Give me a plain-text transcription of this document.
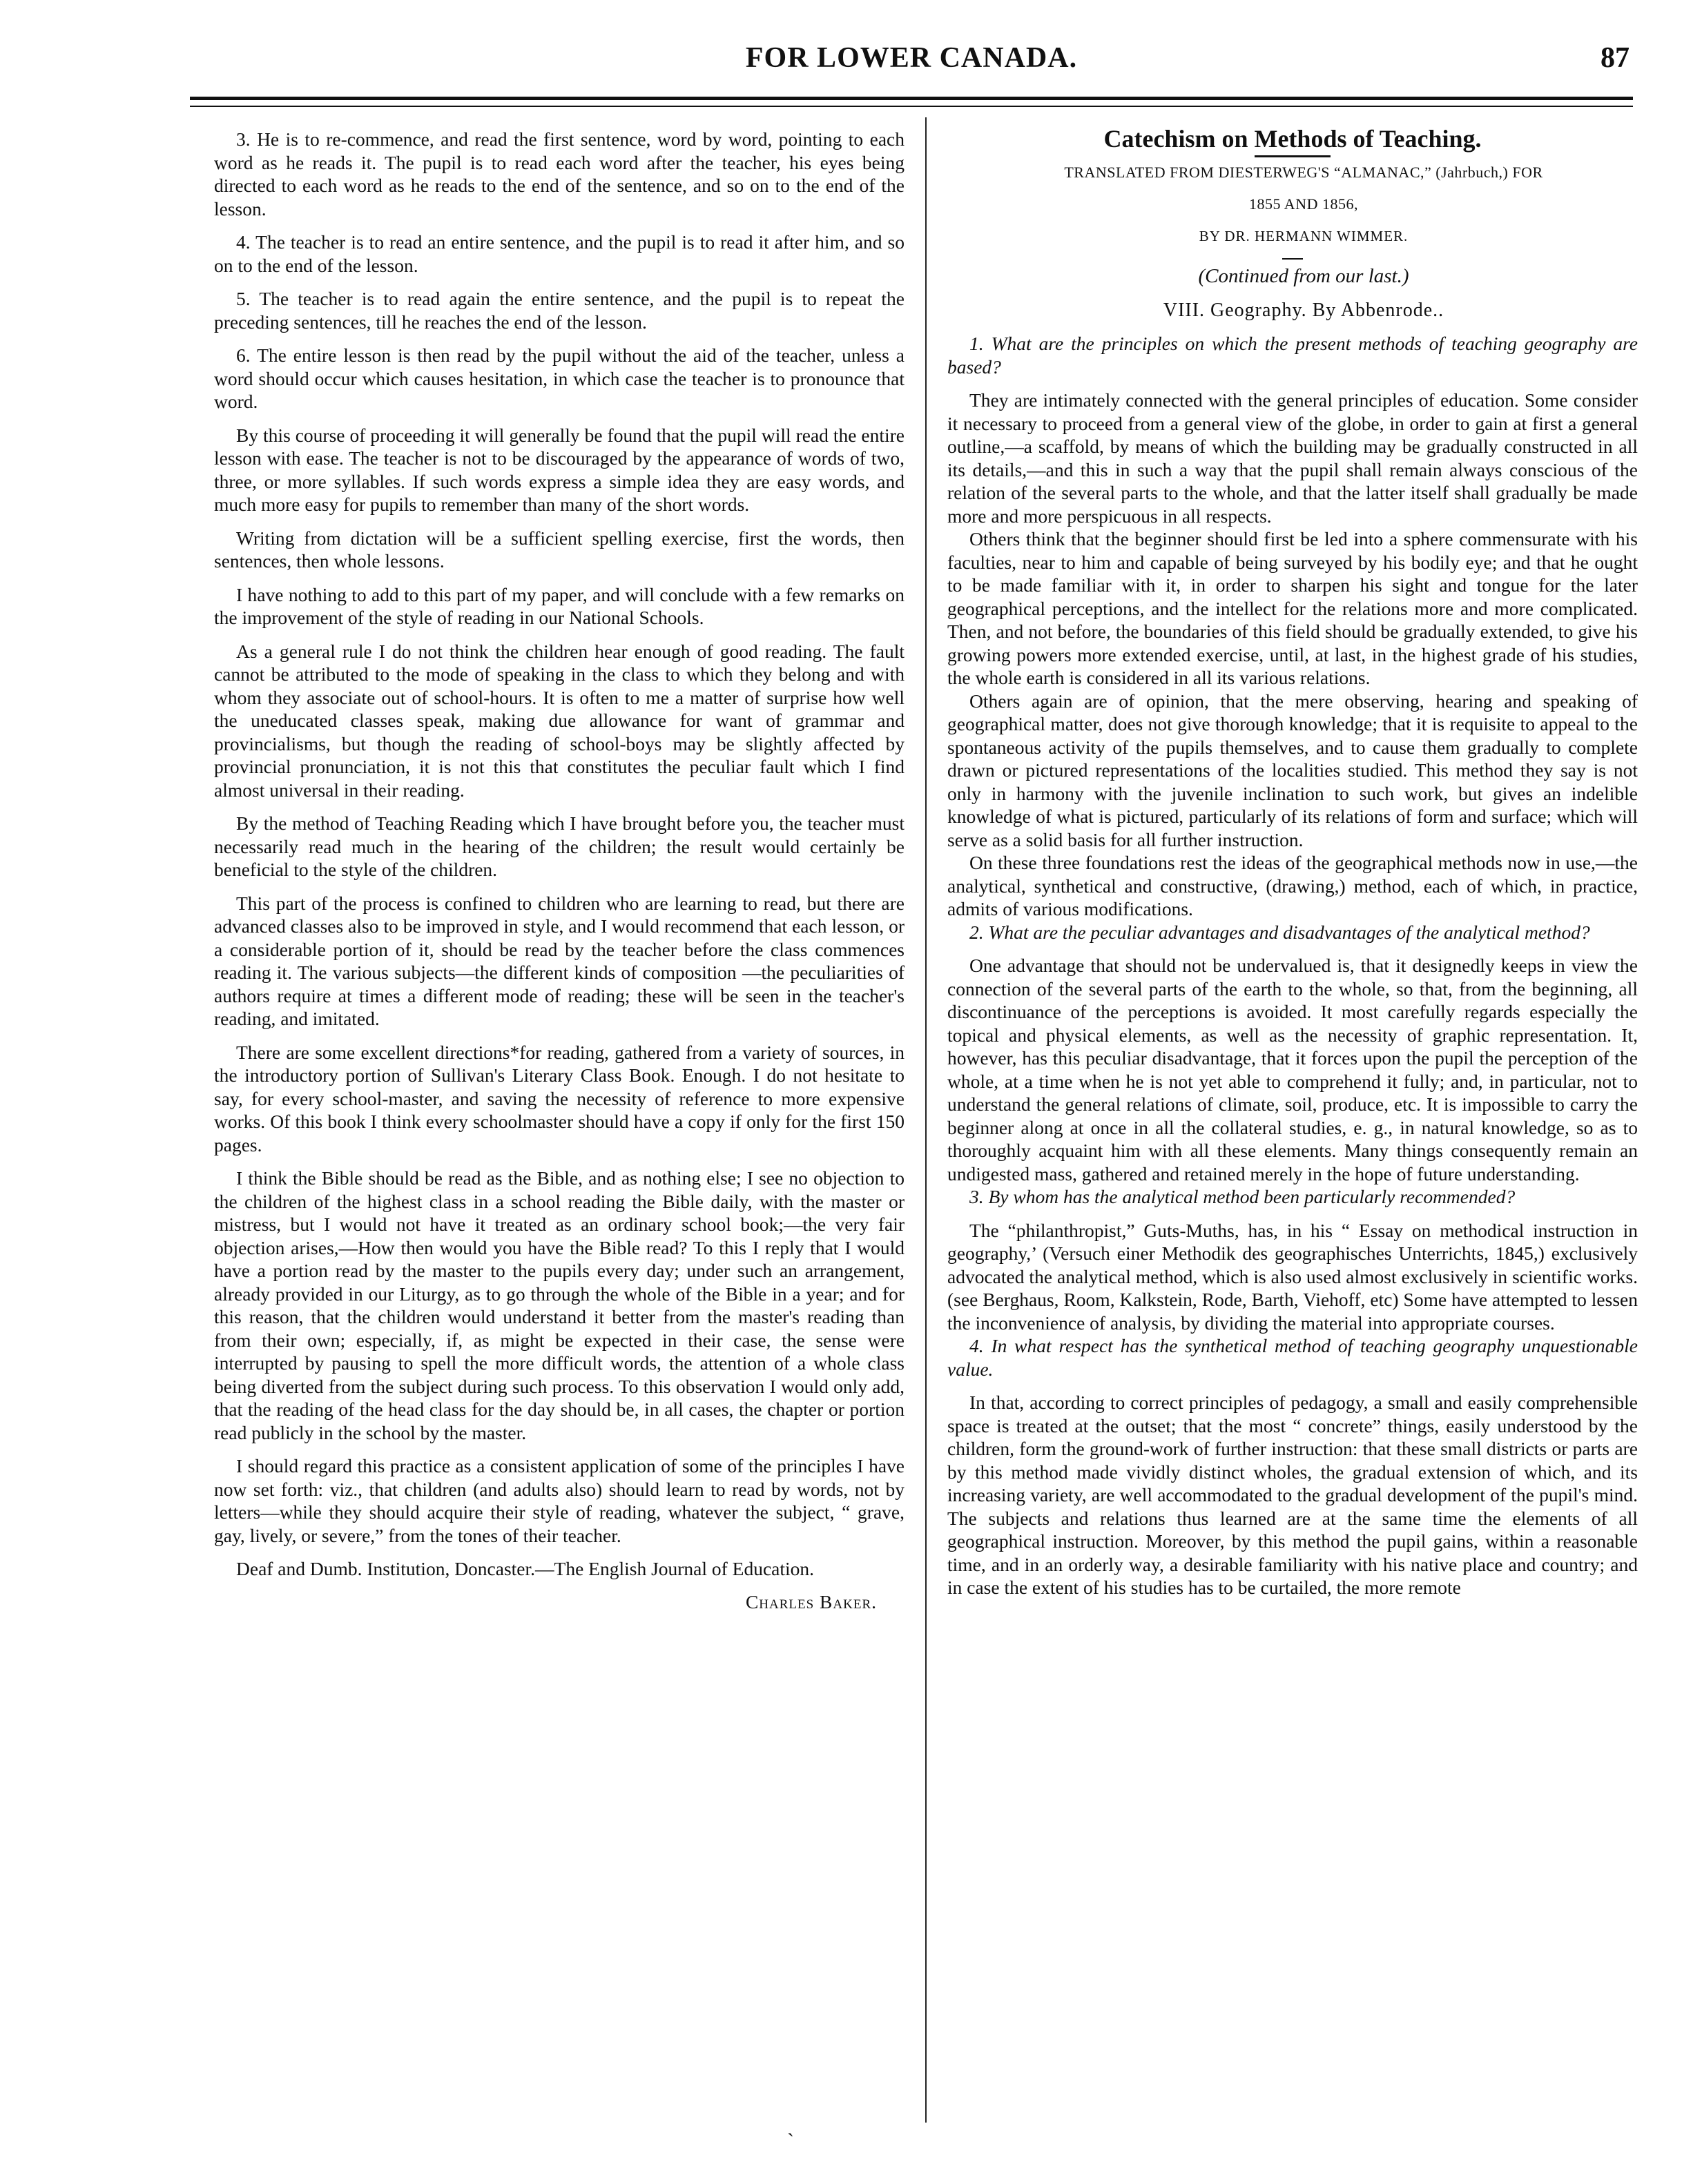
FOR LOWER CANADA.	87

3. He is to re-commence, and read the first sentence, word by word, pointing to each word as he reads it. The pupil is to read each word after the teacher, his eyes being directed to each word as he reads to the end of the sentence, and so on to the end of the lesson.

4. The teacher is to read an entire sentence, and the pupil is to read it after him, and so on to the end of the lesson.

5. The teacher is to read again the entire sentence, and the pupil is to repeat the preceding sentences, till he reaches the end of the lesson.

6. The entire lesson is then read by the pupil without the aid of the teacher, unless a word should occur which causes hesitation, in which case the teacher is to pronounce that word.

By this course of proceeding it will generally be found that the pupil will read the entire lesson with ease. The teacher is not to be discouraged by the appearance of words of two, three, or more syllables. If such words express a simple idea they are easy words, and much more easy for pupils to remember than many of the short words.

Writing from dictation will be a sufficient spelling exercise, first the words, then sentences, then whole lessons.

I have nothing to add to this part of my paper, and will conclude with a few remarks on the improvement of the style of reading in our National Schools.

As a general rule I do not think the children hear enough of good reading. The fault cannot be attributed to the mode of speaking in the class to which they belong and with whom they associate out of school-hours. It is often to me a matter of surprise how well the uneducated classes speak, making due allowance for want of grammar and provincialisms, but though the reading of school-boys may be slightly affected by provincial pronunciation, it is not this that constitutes the peculiar fault which I find almost universal in their reading.

By the method of Teaching Reading which I have brought before you, the teacher must necessarily read much in the hearing of the children; the result would certainly be beneficial to the style of the children.

This part of the process is confined to children who are learning to read, but there are advanced classes also to be improved in style, and I would recommend that each lesson, or a considerable portion of it, should be read by the teacher before the class commences reading it. The various subjects—the different kinds of composition —the peculiarities of authors require at times a different mode of reading; these will be seen in the teacher's reading, and imitated.

There are some excellent directions*for reading, gathered from a variety of sources, in the introductory portion of Sullivan's Literary Class Book. Enough. I do not hesitate to say, for every school-master, and saving the necessity of reference to more expensive works. Of this book I think every schoolmaster should have a copy if only for the first 150 pages.

I think the Bible should be read as the Bible, and as nothing else; I see no objection to the children of the highest class in a school reading the Bible daily, with the master or mistress, but I would not have it treated as an ordinary school book;—the very fair objection arises,—How then would you have the Bible read? To this I reply that I would have a portion read by the master to the pupils every day; under such an arrangement, already provided in our Liturgy, as to go through the whole of the Bible in a year; and for this reason, that the children would understand it better from the master's reading than from their own; especially, if, as might be expected in their case, the sense were interrupted by pausing to spell the more difficult words, the attention of a whole class being diverted from the subject during such process. To this observation I would only add, that the reading of the head class for the day should be, in all cases, the chapter or portion read publicly in the school by the master.

I should regard this practice as a consistent application of some of the principles I have now set forth: viz., that children (and adults also) should learn to read by words, not by letters—while they should acquire their style of reading, whatever the subject, “ grave, gay, lively, or severe,” from the tones of their teacher.

Deaf and Dumb. Institution, Doncaster.—The English Journal of Education.

Charles Baker.

Catechism on Methods of Teaching.

TRANSLATED FROM DIESTERWEG'S “ALMANAC,” (Jahrbuch,) FOR

1855 AND 1856,

BY DR. HERMANN WIMMER.

(Continued from our last.)

VIII. Geography. By Abbenrode..

1. What are the principles on which the present methods of teaching geography are based?

They are intimately connected with the general principles of education. Some consider it necessary to proceed from a general view of the globe, in order to gain at first a general outline,—a scaffold, by means of which the building may be gradually constructed in all its details,—and this in such a way that the pupil shall remain always conscious of the relation of the several parts to the whole, and that the latter itself shall gradually be made more and more perspicuous in all respects.

Others think that the beginner should first be led into a sphere commensurate with his faculties, near to him and capable of being surveyed by his bodily eye; and that he ought to be made familiar with it, in order to sharpen his sight and tongue for the later geographical perceptions, and the intellect for the relations more and more complicated. Then, and not before, the boundaries of this field should be gradually extended, to give his growing powers more extended exercise, until, at last, in the highest grade of his studies, the whole earth is considered in all its various relations.

Others again are of opinion, that the mere observing, hearing and speaking of geographical matter, does not give thorough knowledge; that it is requisite to appeal to the spontaneous activity of the pupils themselves, and to cause them gradually to complete drawn or pictured representations of the localities studied. This method they say is not only in harmony with the juvenile inclination to such work, but gives an indelible knowledge of what is pictured, particularly of its relations of form and surface; which will serve as a solid basis for all further instruction.

On these three foundations rest the ideas of the geographical methods now in use,—the analytical, synthetical and constructive, (drawing,) method, each of which, in practice, admits of various modifications.

2. What are the peculiar advantages and disadvantages of the analytical method?

One advantage that should not be undervalued is, that it designedly keeps in view the connection of the several parts of the earth to the whole, so that, from the beginning, all discontinuance of the perceptions is avoided. It most carefully regards especially the topical and physical elements, as well as the necessity of graphic representation. It, however, has this peculiar disadvantage, that it forces upon the pupil the perception of the whole, at a time when he is not yet able to comprehend it fully; and, in particular, not to understand the general relations of climate, soil, produce, etc. It is impossible to carry the beginner along at once in all the collateral studies, e. g., in natural knowledge, so as to thoroughly acquaint him with all these elements. Many things consequently remain an undigested mass, gathered and retained merely in the hope of future understanding.

3. By whom has the analytical method been particularly recommended?

The “philanthropist,” Guts-Muths, has, in his “ Essay on methodical instruction in geography,’ (Versuch einer Methodik des geographisches Unterrichts, 1845,) exclusively advocated the analytical method, which is also used almost exclusively in scientific works. (see Berghaus, Room, Kalkstein, Rode, Barth, Viehoff, etc) Some have attempted to lessen the inconvenience of analysis, by dividing the material into appropriate courses.

4. In what respect has the synthetical method of teaching geography unquestionable value.

In that, according to correct principles of pedagogy, a small and easily comprehensible space is treated at the outset; that the most “ concrete” things, easily understood by the children, form the ground-work of further instruction: that these small districts or parts are by this method made vividly distinct wholes, the gradual extension of which, and its increasing variety, are well accommodated to the gradual development of the pupil's mind. The subjects and relations thus learned are at the same time the elements of all geographical instruction. Moreover, by this method the pupil gains, within a reasonable time, and in an orderly way, a desirable familiarity with his native place and country; and in case the extent of his studies has to be curtailed, the more remote

ˋ
